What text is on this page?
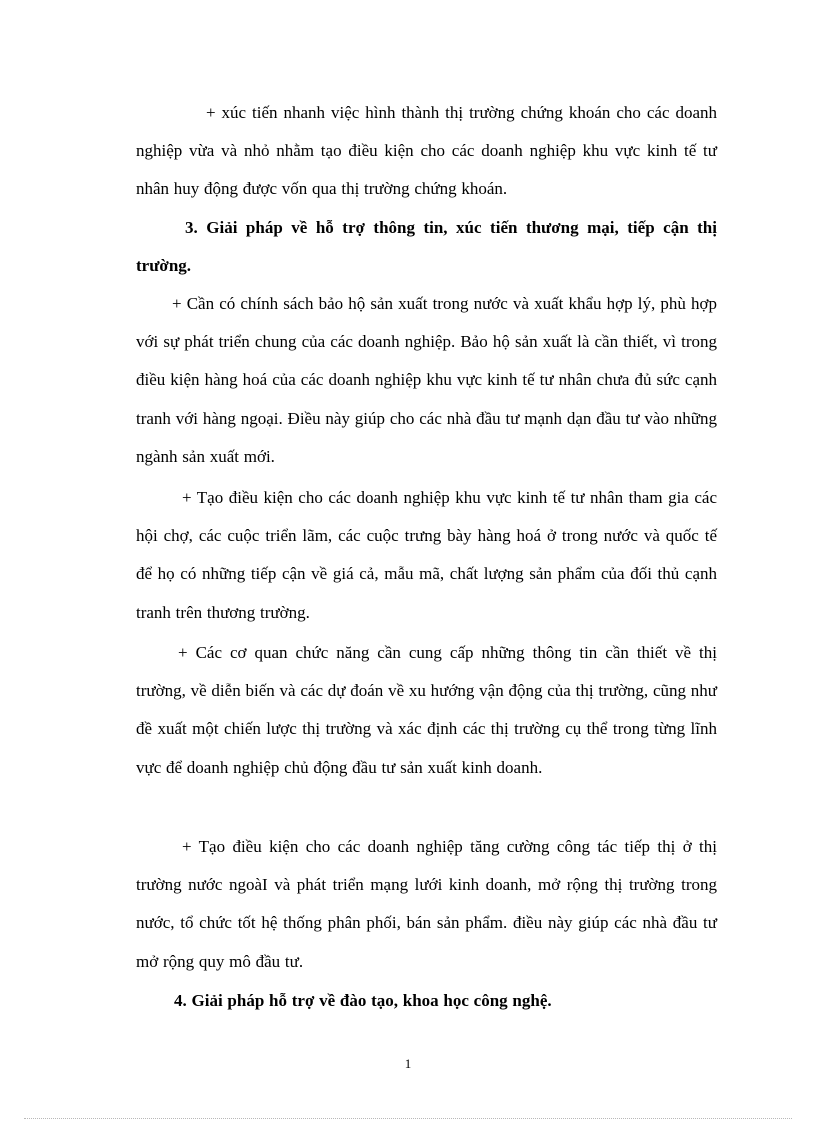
+ xúc tiến nhanh việc hình thành thị trường chứng khoán cho các doanh nghiệp vừa và nhỏ nhằm tạo điều kiện cho các doanh nghiệp khu vực kinh tế tư nhân huy động được vốn qua thị trường chứng khoán.

3. Giải pháp về hỗ trợ thông tin, xúc tiến thương mại, tiếp cận thị trường.

+ Cần có chính sách bảo hộ sản xuất trong nước và xuất khẩu hợp lý, phù hợp với sự phát triển chung của các doanh nghiệp. Bảo hộ sản xuất là cần thiết, vì trong điều kiện hàng hoá của các doanh nghiệp khu vực kinh tế tư nhân chưa đủ sức cạnh tranh với hàng ngoại. Điều này giúp cho các nhà đầu tư mạnh dạn đầu tư vào những ngành sản xuất mới.

+ Tạo điều kiện cho các doanh nghiệp khu vực kinh tế tư nhân tham gia các hội chợ, các cuộc triển lãm, các cuộc trưng bày hàng hoá ở trong nước và quốc tế để họ có những tiếp cận về giá cả, mẫu mã, chất lượng sản phẩm của đối thủ cạnh tranh trên thương trường.

+ Các cơ quan chức năng cần cung cấp những thông tin cần thiết về thị trường, về diễn biến và các dự đoán về xu hướng vận động của thị trường, cũng như đề xuất một chiến lược thị trường và xác định các thị trường cụ thể trong từng lĩnh vực để doanh nghiệp chủ động đầu tư sản xuất kinh doanh.

+ Tạo điều kiện cho các doanh nghiệp tăng cường công tác tiếp thị ở thị trường nước ngoàI và phát triển mạng lưới kinh doanh, mở rộng thị trường trong nước, tổ chức tốt hệ thống phân phối, bán sản phẩm. điều này giúp các nhà đầu tư mở rộng quy mô đầu tư.

4. Giải pháp hỗ trợ về đào tạo, khoa học công nghệ.

1
